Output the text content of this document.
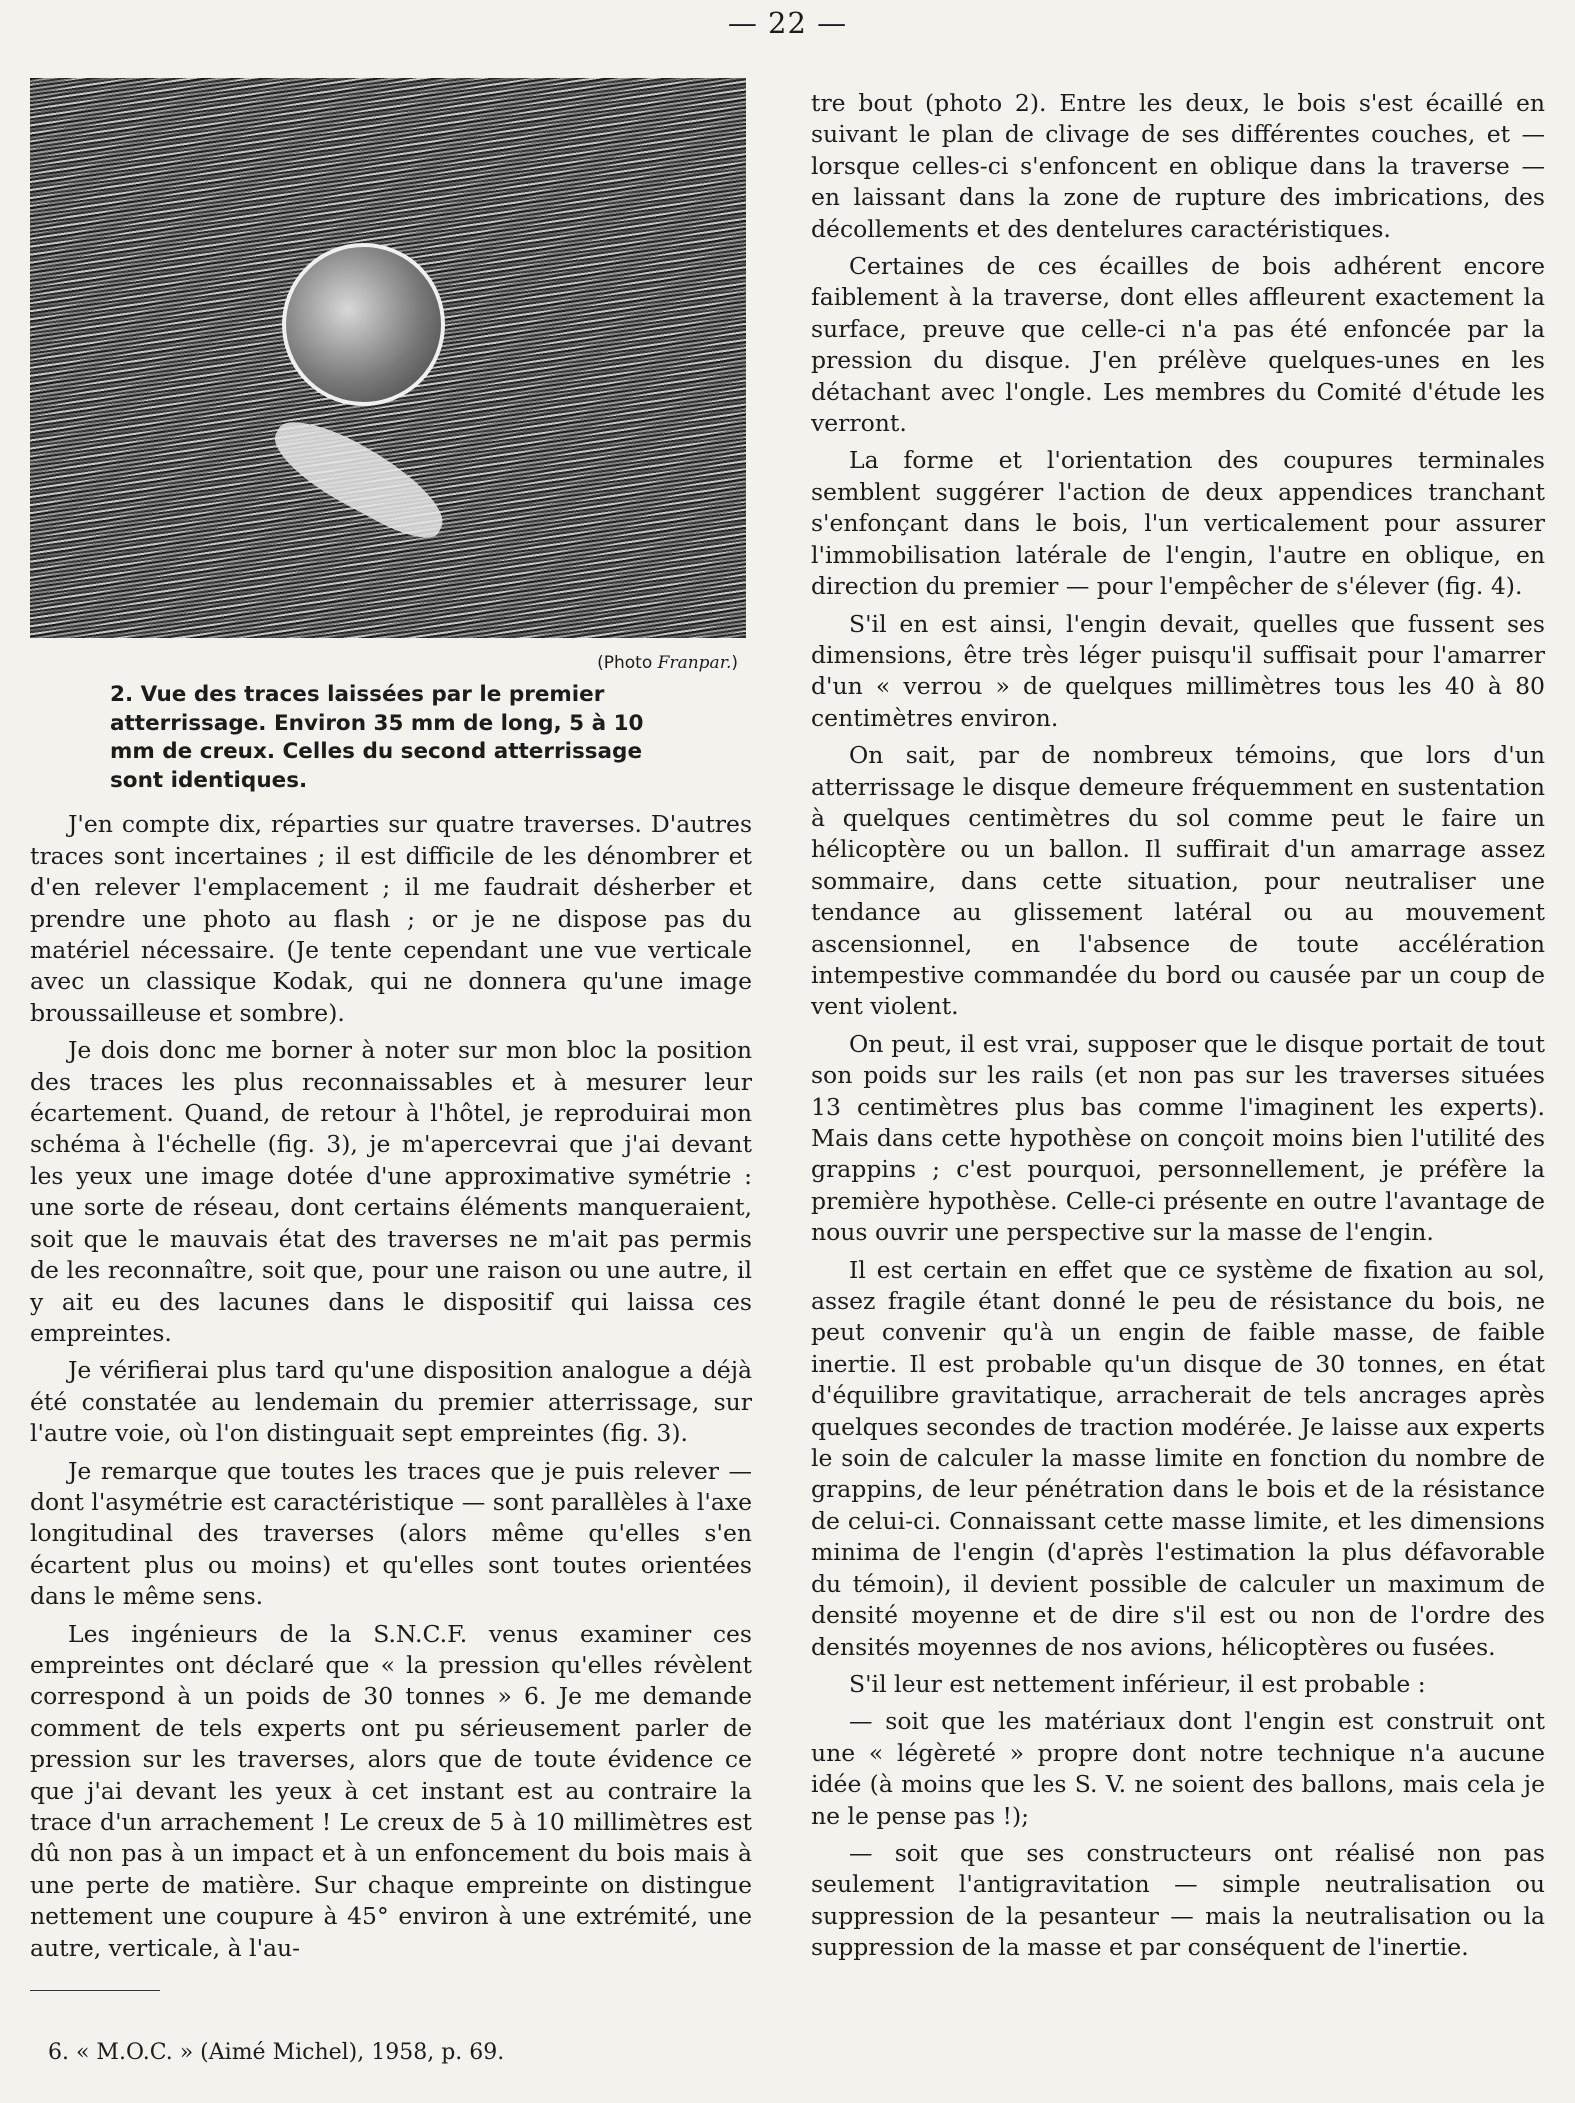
— 22 —
(Photo Franpar.)
2. Vue des traces laissées par le premier atterrissage. Environ 35 mm de long, 5 à 10 mm de creux. Celles du second atterrissage sont identiques.

J'en compte dix, réparties sur quatre traverses. D'autres traces sont incertaines ; il est difficile de les dénombrer et d'en relever l'emplacement ; il me faudrait désherber et prendre une photo au flash ; or je ne dispose pas du matériel nécessaire. (Je tente cependant une vue verticale avec un classique Kodak, qui ne donnera qu'une image broussailleuse et sombre).

Je dois donc me borner à noter sur mon bloc la position des traces les plus reconnaissables et à mesurer leur écartement. Quand, de retour à l'hôtel, je reproduirai mon schéma à l'échelle (fig. 3), je m'apercevrai que j'ai devant les yeux une image dotée d'une approximative symétrie : une sorte de réseau, dont certains éléments manqueraient, soit que le mauvais état des traverses ne m'ait pas permis de les reconnaître, soit que, pour une raison ou une autre, il y ait eu des lacunes dans le dispositif qui laissa ces empreintes.

Je vérifierai plus tard qu'une disposition analogue a déjà été constatée au lendemain du premier atterrissage, sur l'autre voie, où l'on distinguait sept empreintes (fig. 3).

Je remarque que toutes les traces que je puis relever — dont l'asymétrie est caractéristique — sont parallèles à l'axe longitudinal des traverses (alors même qu'elles s'en écartent plus ou moins) et qu'elles sont toutes orientées dans le même sens.

Les ingénieurs de la S.N.C.F. venus examiner ces empreintes ont déclaré que « la pression qu'elles révèlent correspond à un poids de 30 tonnes » 6. Je me demande comment de tels experts ont pu sérieusement parler de pression sur les traverses, alors que de toute évidence ce que j'ai devant les yeux à cet instant est au contraire la trace d'un arrachement ! Le creux de 5 à 10 millimètres est dû non pas à un impact et à un enfoncement du bois mais à une perte de matière. Sur chaque empreinte on distingue nettement une coupure à 45° environ à une extrémité, une autre, verticale, à l'au-

tre bout (photo 2). Entre les deux, le bois s'est écaillé en suivant le plan de clivage de ses différentes couches, et — lorsque celles-ci s'enfoncent en oblique dans la traverse — en laissant dans la zone de rupture des imbrications, des décollements et des dentelures caractéristiques.

Certaines de ces écailles de bois adhérent encore faiblement à la traverse, dont elles affleurent exactement la surface, preuve que celle-ci n'a pas été enfoncée par la pression du disque. J'en prélève quelques-unes en les détachant avec l'ongle. Les membres du Comité d'étude les verront.

La forme et l'orientation des coupures terminales semblent suggérer l'action de deux appendices tranchant s'enfonçant dans le bois, l'un verticalement pour assurer l'immobilisation latérale de l'engin, l'autre en oblique, en direction du premier — pour l'empêcher de s'élever (fig. 4).

S'il en est ainsi, l'engin devait, quelles que fussent ses dimensions, être très léger puisqu'il suffisait pour l'amarrer d'un « verrou » de quelques millimètres tous les 40 à 80 centimètres environ.

On sait, par de nombreux témoins, que lors d'un atterrissage le disque demeure fréquemment en sustentation à quelques centimètres du sol comme peut le faire un hélicoptère ou un ballon. Il suffirait d'un amarrage assez sommaire, dans cette situation, pour neutraliser une tendance au glissement latéral ou au mouvement ascensionnel, en l'absence de toute accélération intempestive commandée du bord ou causée par un coup de vent violent.

On peut, il est vrai, supposer que le disque portait de tout son poids sur les rails (et non pas sur les traverses situées 13 centimètres plus bas comme l'imaginent les experts). Mais dans cette hypothèse on conçoit moins bien l'utilité des grappins ; c'est pourquoi, personnellement, je préfère la première hypothèse. Celle-ci présente en outre l'avantage de nous ouvrir une perspective sur la masse de l'engin.

Il est certain en effet que ce système de fixation au sol, assez fragile étant donné le peu de résistance du bois, ne peut convenir qu'à un engin de faible masse, de faible inertie. Il est probable qu'un disque de 30 tonnes, en état d'équilibre gravitatique, arracherait de tels ancrages après quelques secondes de traction modérée. Je laisse aux experts le soin de calculer la masse limite en fonction du nombre de grappins, de leur pénétration dans le bois et de la résistance de celui-ci. Connaissant cette masse limite, et les dimensions minima de l'engin (d'après l'estimation la plus défavorable du témoin), il devient possible de calculer un maximum de densité moyenne et de dire s'il est ou non de l'ordre des densités moyennes de nos avions, hélicoptères ou fusées.

S'il leur est nettement inférieur, il est probable :

— soit que les matériaux dont l'engin est construit ont une « légèreté » propre dont notre technique n'a aucune idée (à moins que les S. V. ne soient des ballons, mais cela je ne le pense pas !);

— soit que ses constructeurs ont réalisé non pas seulement l'antigravitation — simple neutralisation ou suppression de la pesanteur — mais la neutralisation ou la suppression de la masse et par conséquent de l'inertie.

6. « M.O.C. » (Aimé Michel), 1958, p. 69.
